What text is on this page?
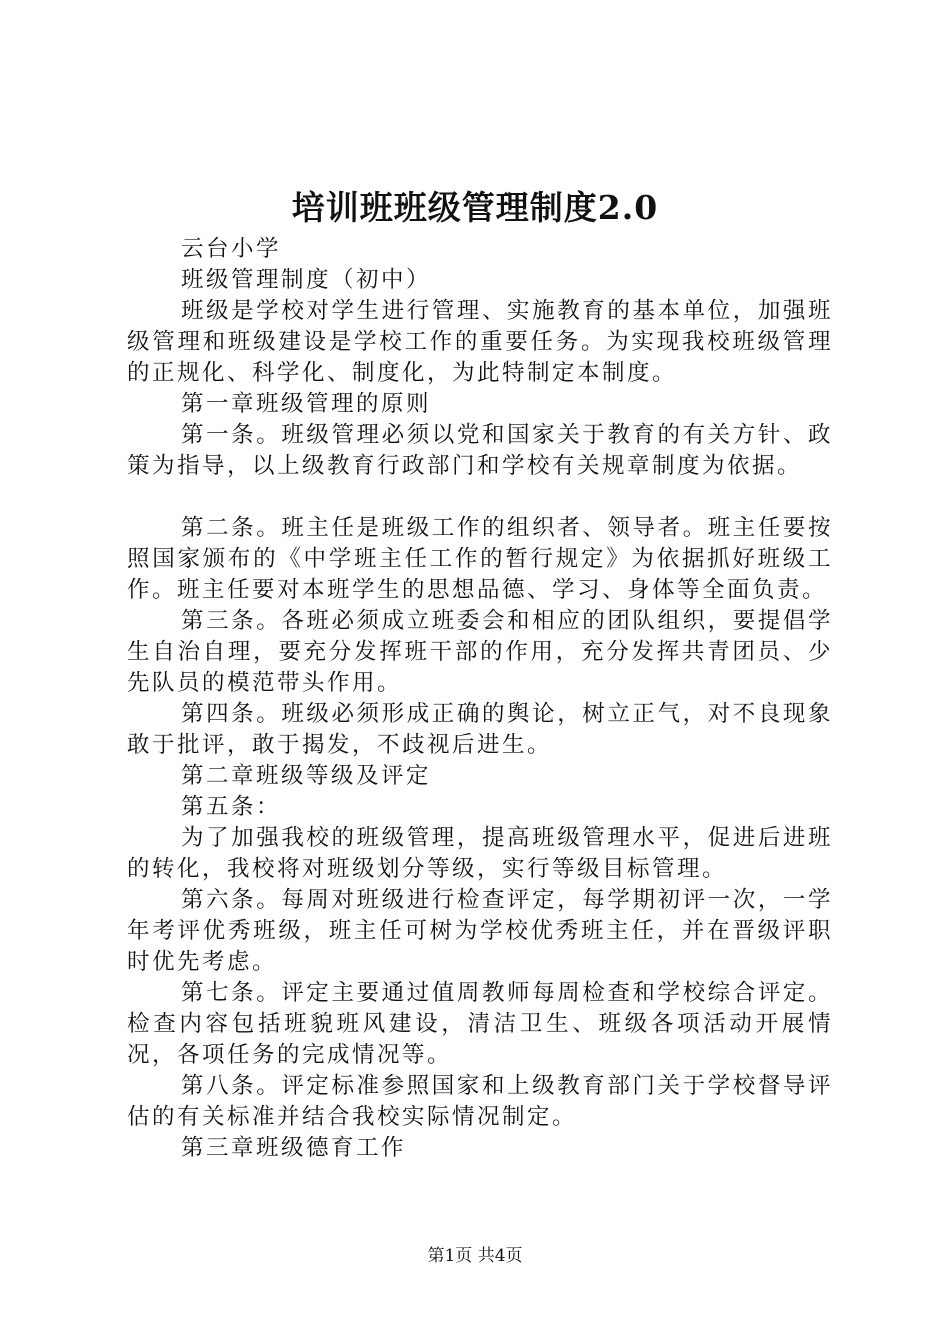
培训班班级管理制度2.0

云台小学

班级管理制度（初中）

班级是学校对学生进行管理、实施教育的基本单位，加强班级管理和班级建设是学校工作的重要任务。为实现我校班级管理的正规化、科学化、制度化，为此特制定本制度。

第一章班级管理的原则

第一条。班级管理必须以党和国家关于教育的有关方针、政策为指导，以上级教育行政部门和学校有关规章制度为依据。

第二条。班主任是班级工作的组织者、领导者。班主任要按照国家颁布的《中学班主任工作的暂行规定》为依据抓好班级工作。班主任要对本班学生的思想品德、学习、身体等全面负责。

第三条。各班必须成立班委会和相应的团队组织，要提倡学生自治自理，要充分发挥班干部的作用，充分发挥共青团员、少先队员的模范带头作用。

第四条。班级必须形成正确的舆论，树立正气，对不良现象敢于批评，敢于揭发，不歧视后进生。

第二章班级等级及评定

第五条：

为了加强我校的班级管理，提高班级管理水平，促进后进班的转化，我校将对班级划分等级，实行等级目标管理。

第六条。每周对班级进行检查评定，每学期初评一次，一学年考评优秀班级，班主任可树为学校优秀班主任，并在晋级评职时优先考虑。

第七条。评定主要通过值周教师每周检查和学校综合评定。检查内容包括班貌班风建设，清洁卫生、班级各项活动开展情况，各项任务的完成情况等。

第八条。评定标准参照国家和上级教育部门关于学校督导评估的有关标准并结合我校实际情况制定。

第三章班级德育工作

第1页 共4页
